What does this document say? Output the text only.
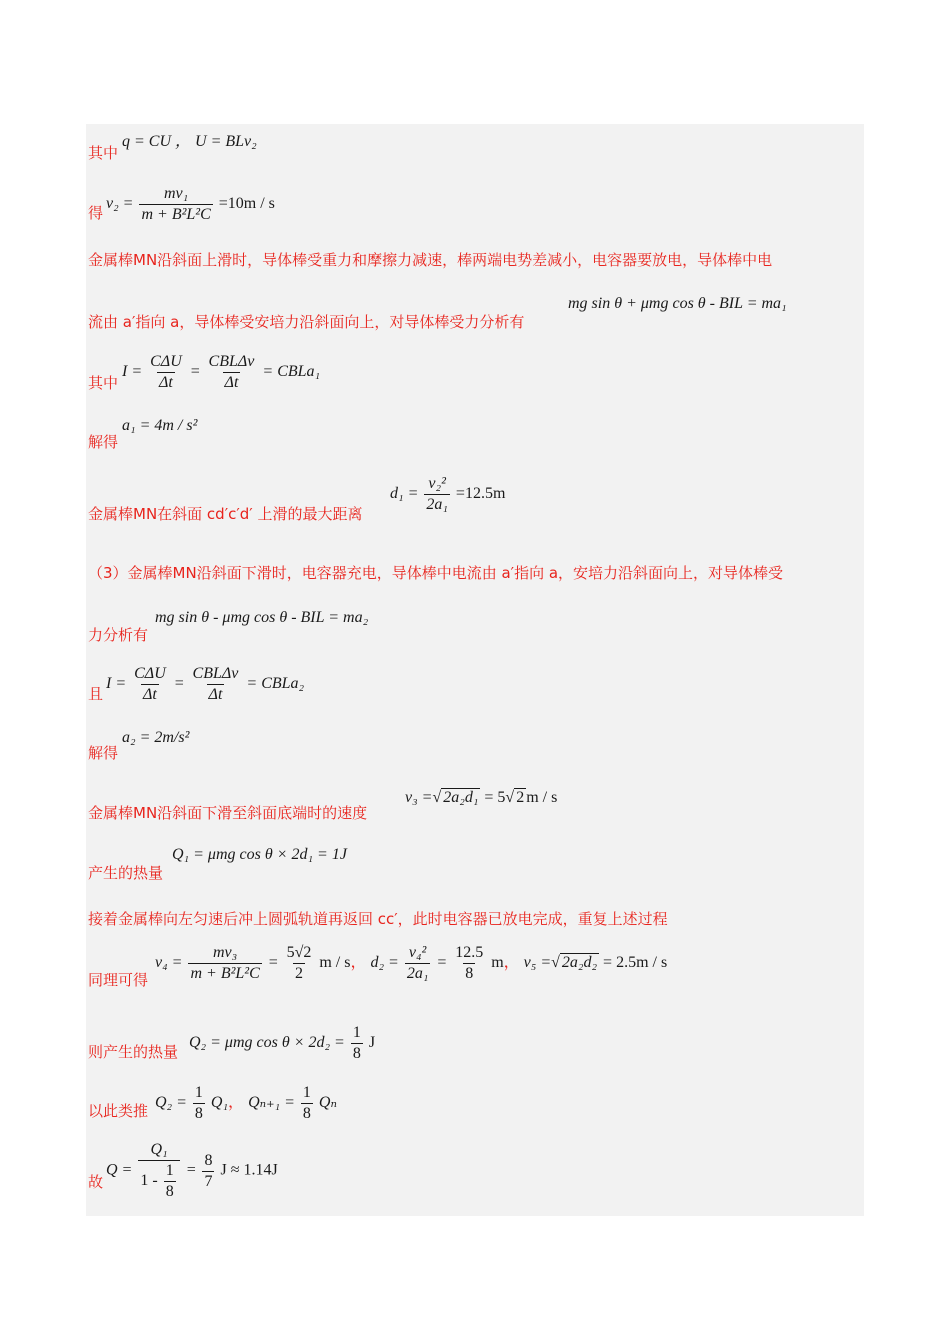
其中
q = CU ， U = BLv₂
得
$v_2 = \frac{\text{mv₁}}{\text{m + B²L²C}} =10m / s$
金属棒MN沿斜面上滑时，导体棒受重力和摩擦力减速，棒两端电势差减小，电容器要放电，导体棒中电
流由 a′指向 a，导体棒受安培力沿斜面向上，对导体棒受力分析有
mg sin θ + μmg cos θ - BIL = ma₁
其中
$I = \frac{\text{CΔU}}{\Delta t} = \frac{\text{CBLΔv}}{\Delta t}$ = CBLa₁
解得
a₁ = 4m / s²
金属棒MN在斜面 cd′c′d′ 上滑的最大距离
$d_1 = \frac{\text{v₂²}}{\text{2a₁}} =12.5m$
（3）金属棒MN沿斜面下滑时，电容器充电，导体棒中电流由 a′指向 a，安培力沿斜面向上，对导体棒受
力分析有
mg sin θ - μmg cos θ - BIL = ma₂
且
$I = \frac{\text{CΔU}}{\Delta t} = \frac{\text{CBLΔv}}{\Delta t}$ = CBLa₂
解得
a₂ = 2m/s²
金属棒MN沿斜面下滑至斜面底端时的速度
v₃ =√ 2a₂d₁ = 5√ 2 m / s
产生的热量
Q₁ = μmg cos θ × 2d₁ = 1J
接着金属棒向左匀速后冲上圆弧轨道再返回 cc′，此时电容器已放电完成，重复上述过程
同理可得
$v_4 = \frac{\text{mv₃}}{\text{m + B²L²C}} = \frac{5√2}{2}$ m / s， $d_2 = \frac{\text{v₄²}}{\text{2a₁}} = \frac{12.5}{8}$ m， v₅ =√ 2a₂d₂ = 2.5m / s
则产生的热量
Q₂ = μmg $\cos \theta \times 2d_2 = \frac{1}{8}$ J
以此类推 $Q_2 = \frac{1}{8} Q_1$， $Q_{n+1} = \frac{1}{8}$ Qₙ
故
$Q = \frac{\text{Q₁}}{1 - \frac{1}{8}} = \frac{8}{7}$ J ≈ 1.14J
